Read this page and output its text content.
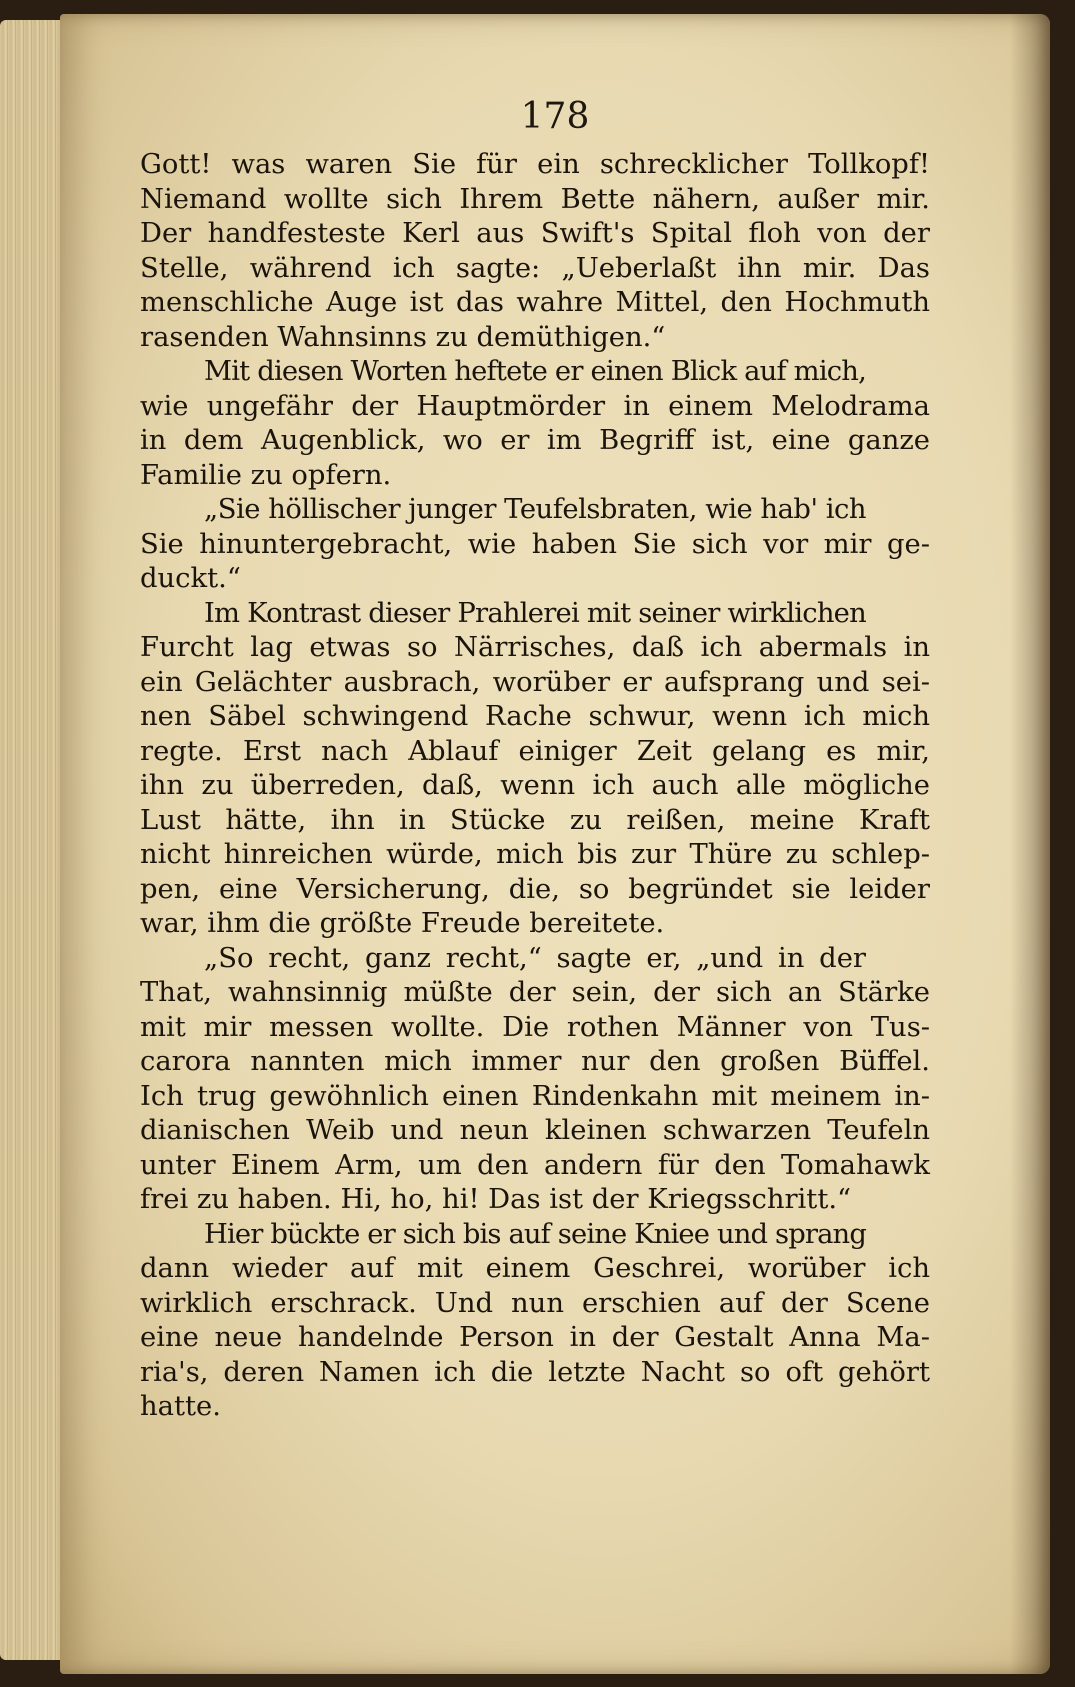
178
Gott! was waren Sie für ein schrecklicher Tollkopf!
Niemand wollte sich Ihrem Bette nähern, außer mir.
Der handfesteste Kerl aus Swift's Spital floh von der
Stelle, während ich sagte: „Ueberlaßt ihn mir. Das
menschliche Auge ist das wahre Mittel, den Hochmuth
rasenden Wahnsinns zu demüthigen.“
Mit diesen Worten heftete er einen Blick auf mich,
wie ungefähr der Hauptmörder in einem Melodrama
in dem Augenblick, wo er im Begriff ist, eine ganze
Familie zu opfern.
„Sie höllischer junger Teufelsbraten, wie hab' ich
Sie hinuntergebracht, wie haben Sie sich vor mir ge-
duckt.“
Im Kontrast dieser Prahlerei mit seiner wirklichen
Furcht lag etwas so Närrisches, daß ich abermals in
ein Gelächter ausbrach, worüber er aufsprang und sei-
nen Säbel schwingend Rache schwur, wenn ich mich
regte. Erst nach Ablauf einiger Zeit gelang es mir,
ihn zu überreden, daß, wenn ich auch alle mögliche
Lust hätte, ihn in Stücke zu reißen, meine Kraft
nicht hinreichen würde, mich bis zur Thüre zu schlep-
pen, eine Versicherung, die, so begründet sie leider
war, ihm die größte Freude bereitete.
„So recht, ganz recht,“ sagte er, „und in der
That, wahnsinnig müßte der sein, der sich an Stärke
mit mir messen wollte. Die rothen Männer von Tus-
carora nannten mich immer nur den großen Büffel.
Ich trug gewöhnlich einen Rindenkahn mit meinem in-
dianischen Weib und neun kleinen schwarzen Teufeln
unter Einem Arm, um den andern für den Tomahawk
frei zu haben. Hi, ho, hi! Das ist der Kriegsschritt.“
Hier bückte er sich bis auf seine Kniee und sprang
dann wieder auf mit einem Geschrei, worüber ich
wirklich erschrack. Und nun erschien auf der Scene
eine neue handelnde Person in der Gestalt Anna Ma-
ria's, deren Namen ich die letzte Nacht so oft gehört
hatte.
